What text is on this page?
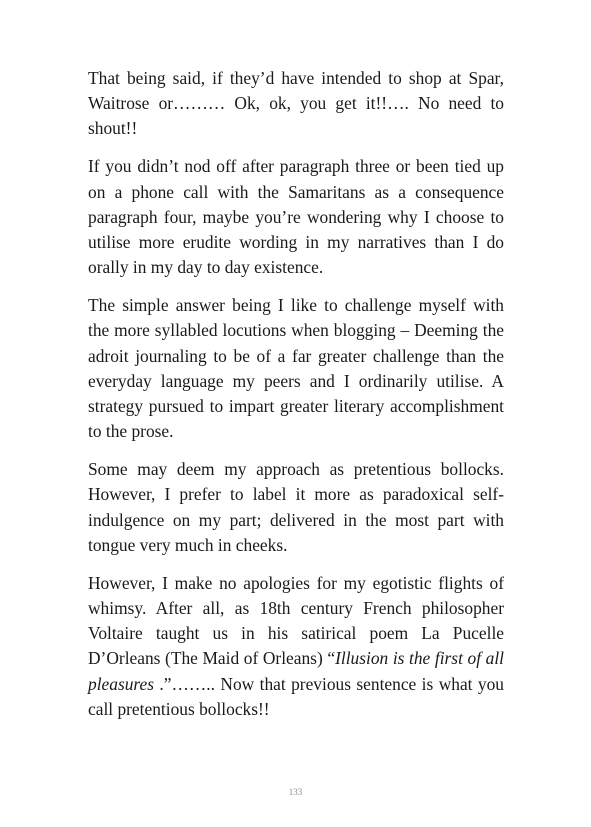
That being said, if they’d have intended to shop at Spar, Waitrose or……… Ok, ok, you get it!!…. No need to shout!!

If you didn’t nod off after paragraph three or been tied up on a phone call with the Samaritans as a consequence paragraph four, maybe you’re wondering why I choose to utilise more erudite wording in my narratives than I do orally in my day to day existence.

The simple answer being I like to challenge myself with the more syllabled locutions when blogging – Deeming the adroit journaling to be of a far greater challenge than the everyday language my peers and I ordinarily utilise. A strategy pursued to impart greater literary accomplishment to the prose.

Some may deem my approach as pretentious bollocks. However, I prefer to label it more as paradoxical self-indulgence on my part; delivered in the most part with tongue very much in cheeks.

However, I make no apologies for my egotistic flights of whimsy. After all, as 18th century French philosopher Voltaire taught us in his satirical poem La Pucelle D’Orleans (The Maid of Orleans) “Illusion is the first of all pleasures .”…….. Now that previous sentence is what you call pretentious bollocks!!

133
